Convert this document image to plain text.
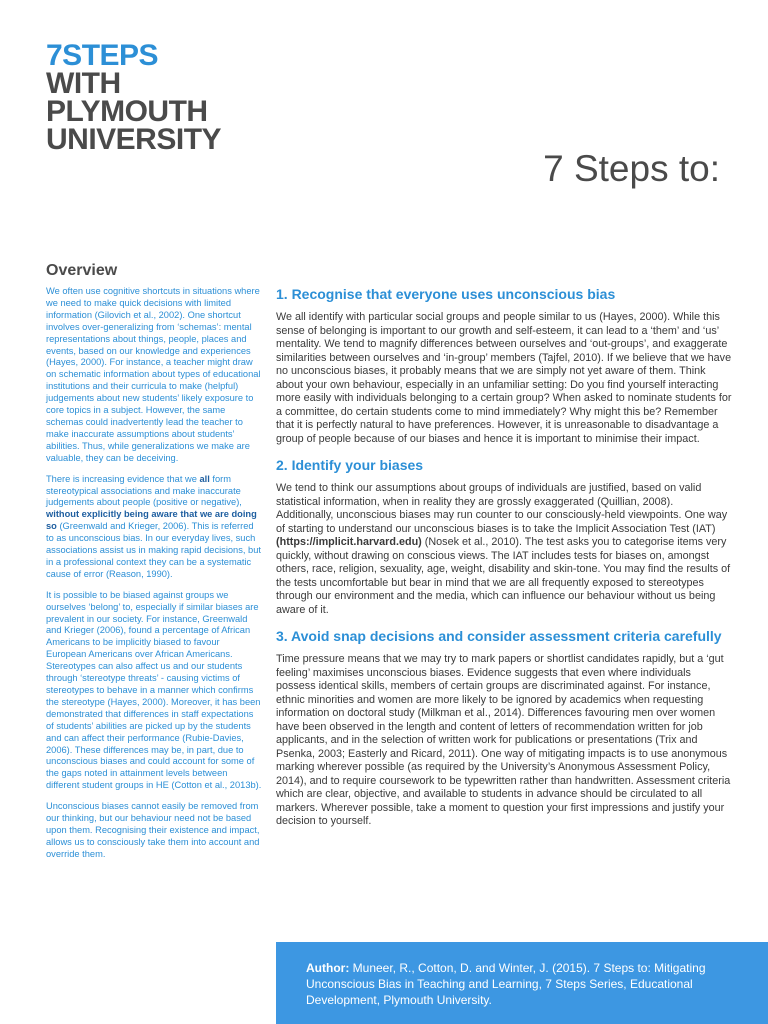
7STEPS
WITH
PLYMOUTH
UNIVERSITY
7 Steps to:
Overview

We often use cognitive shortcuts in situations where we need to make quick decisions with limited information (Gilovich et al., 2002). One shortcut involves over-generalizing from ‘schemas’: mental representations about things, people, places and events, based on our knowledge and experiences (Hayes, 2000). For instance, a teacher might draw on schematic information about types of educational institutions and their curricula to make (helpful) judgements about new students’ likely exposure to core topics in a subject. However, the same schemas could inadvertently lead the teacher to make inaccurate assumptions about students’ abilities. Thus, while generalizations we make are valuable, they can be deceiving.

There is increasing evidence that we all form stereotypical associations and make inaccurate judgements about people (positive or negative), without explicitly being aware that we are doing so (Greenwald and Krieger, 2006). This is referred to as unconscious bias. In our everyday lives, such associations assist us in making rapid decisions, but in a professional context they can be a systematic cause of error (Reason, 1990).

It is possible to be biased against groups we ourselves ‘belong’ to, especially if similar biases are prevalent in our society. For instance, Greenwald and Krieger (2006), found a percentage of African Americans to be implicitly biased to favour European Americans over African Americans. Stereotypes can also affect us and our students through ‘stereotype threats’ - causing victims of stereotypes to behave in a manner which confirms the stereotype (Hayes, 2000). Moreover, it has been demonstrated that differences in staff expectations of students’ abilities are picked up by the students and can affect their performance (Rubie-Davies, 2006). These differences may be, in part, due to unconscious biases and could account for some of the gaps noted in attainment levels between different student groups in HE (Cotton et al., 2013b).

Unconscious biases cannot easily be removed from our thinking, but our behaviour need not be based upon them. Recognising their existence and impact, allows us to consciously take them into account and override them.

1. Recognise that everyone uses unconscious bias

We all identify with particular social groups and people similar to us (Hayes, 2000). While this sense of belonging is important to our growth and self-esteem, it can lead to a ‘them’ and ‘us’ mentality. We tend to magnify differences between ourselves and ‘out-groups’, and exaggerate similarities between ourselves and ‘in-group’ members (Tajfel, 2010). If we believe that we have no unconscious biases, it probably means that we are simply not yet aware of them. Think about your own behaviour, especially in an unfamiliar setting: Do you find yourself interacting more easily with individuals belonging to a certain group? When asked to nominate students for a committee, do certain students come to mind immediately? Why might this be? Remember that it is perfectly natural to have preferences. However, it is unreasonable to disadvantage a group of people because of our biases and hence it is important to minimise their impact.

2. Identify your biases

We tend to think our assumptions about groups of individuals are justified, based on valid statistical information, when in reality they are grossly exaggerated (Quillian, 2008). Additionally, unconscious biases may run counter to our consciously-held viewpoints. One way of starting to understand our unconscious biases is to take the Implicit Association Test (IAT) (https://implicit.harvard.edu) (Nosek et al., 2010). The test asks you to categorise items very quickly, without drawing on conscious views. The IAT includes tests for biases on, amongst others, race, religion, sexuality, age, weight, disability and skin-tone. You may find the results of the tests uncomfortable but bear in mind that we are all frequently exposed to stereotypes through our environment and the media, which can influence our behaviour without us being aware of it.

3. Avoid snap decisions and consider assessment criteria carefully

Time pressure means that we may try to mark papers or shortlist candidates rapidly, but a ‘gut feeling’ maximises unconscious biases. Evidence suggests that even where individuals possess identical skills, members of certain groups are discriminated against. For instance, ethnic minorities and women are more likely to be ignored by academics when requesting information on doctoral study (Milkman et al., 2014). Differences favouring men over women have been observed in the length and content of letters of recommendation written for job applicants, and in the selection of written work for publications or presentations (Trix and Psenka, 2003; Easterly and Ricard, 2011). One way of mitigating impacts is to use anonymous marking wherever possible (as required by the University’s Anonymous Assessment Policy, 2014), and to require coursework to be typewritten rather than handwritten. Assessment criteria which are clear, objective, and available to students in advance should be circulated to all markers. Wherever possible, take a moment to question your first impressions and justify your decision to yourself.

Author: Muneer, R., Cotton, D. and Winter, J. (2015). 7 Steps to: Mitigating Unconscious Bias in Teaching and Learning, 7 Steps Series, Educational Development, Plymouth University.
